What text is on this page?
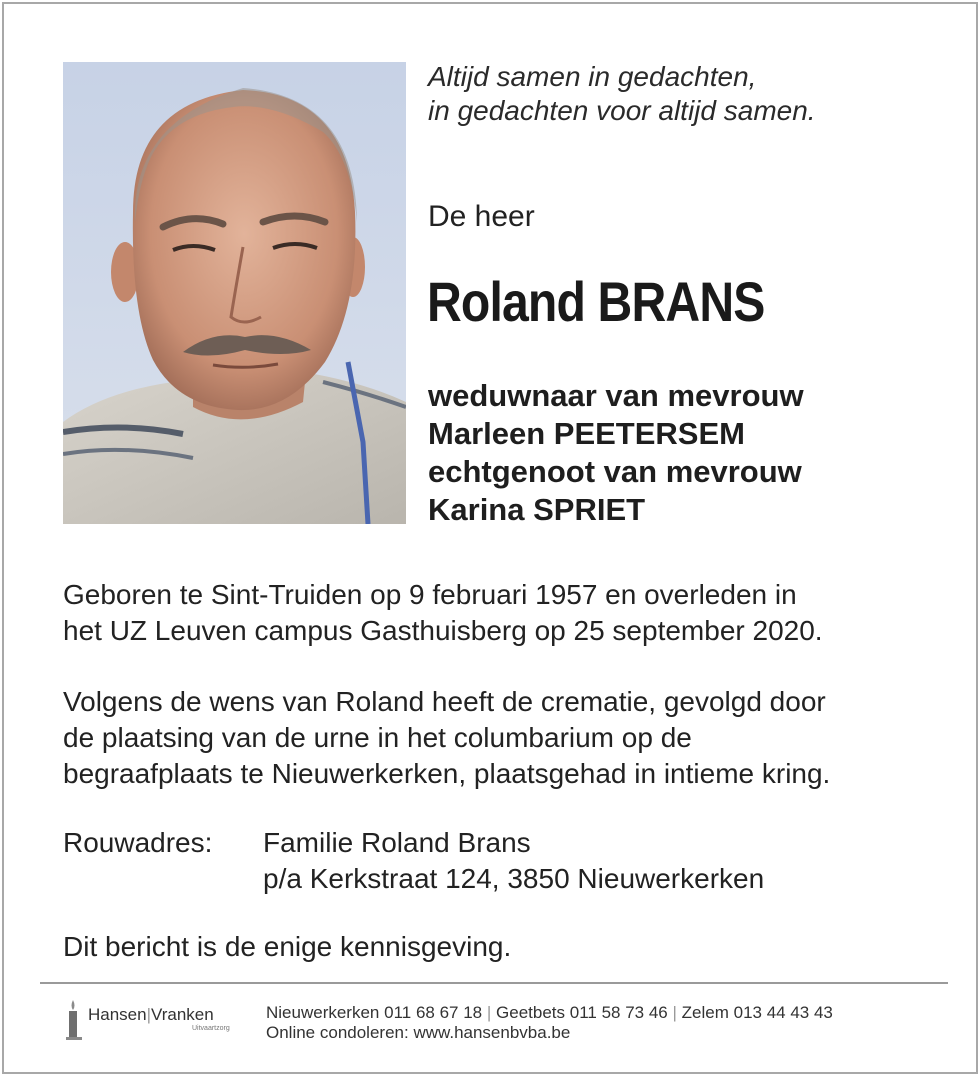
Altijd samen in gedachten,
in gedachten voor altijd samen.
De heer
Roland BRANS
weduwnaar van mevrouw
Marleen PEETERSEM
echtgenoot van mevrouw
Karina SPRIET
Geboren te Sint-Truiden op 9 februari 1957 en overleden in
het UZ Leuven campus Gasthuisberg op 25 september 2020.
Volgens de wens van Roland heeft de crematie, gevolgd door
de plaatsing van de urne in het columbarium op de
begraafplaats te Nieuwerkerken, plaatsgehad in intieme kring.
Rouwadres: Familie Roland Brans
p/a Kerkstraat 124, 3850 Nieuwerkerken
Dit bericht is de enige kennisgeving.
Hansen|Vranken
Uitvaartzorg
Nieuwerkerken 011 68 67 18 | Geetbets 011 58 73 46 | Zelem 013 44 43 43
Online condoleren: www.hansenbvba.be
